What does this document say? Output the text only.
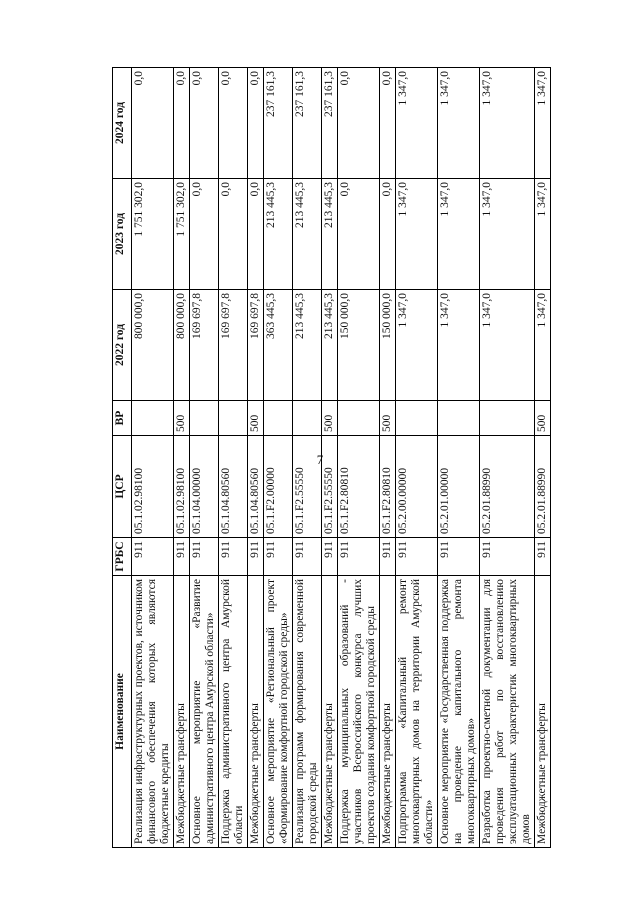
7
Наименование	ГРБС	ЦСР	ВР	2022 год	2023 год	2024 год
Реализация инфраструктурных проектов, источником финансового обеспечения которых являются бюджетные кредиты	911	05.1.02.98100		800 000,0	1 751 302,0	0,0
Межбюджетные трансферты	911	05.1.02.98100	500	800 000,0	1 751 302,0	0,0
Основное мероприятие «Развитие административного центра Амурской области»	911	05.1.04.00000		169 697,8	0,0	0,0
Поддержка административного центра Амурской области	911	05.1.04.80560		169 697,8	0,0	0,0
Межбюджетные трансферты	911	05.1.04.80560	500	169 697,8	0,0	0,0
Основное мероприятие «Региональный проект «Формирование комфортной городской среды»	911	05.1.F2.00000		363 445,3	213 445,3	237 161,3
Реализация программ формирования современной городской среды	911	05.1.F2.55550		213 445,3	213 445,3	237 161,3
Межбюджетные трансферты	911	05.1.F2.55550	500	213 445,3	213 445,3	237 161,3
Поддержка муниципальных образований - участников Всероссийского конкурса лучших проектов создания комфортной городской среды	911	05.1.F2.80810		150 000,0	0,0	0,0
Межбюджетные трансферты	911	05.1.F2.80810	500	150 000,0	0,0	0,0
Подпрограмма «Капитальный ремонт многоквартирных домов на территории Амурской области»	911	05.2.00.00000		1 347,0	1 347,0	1 347,0
Основное мероприятие «Государственная поддержка на проведение капитального ремонта многоквартирных домов»	911	05.2.01.00000		1 347,0	1 347,0	1 347,0
Разработка проектно-сметной документации для проведения работ по восстановлению эксплуатационных характеристик многоквартирных домов	911	05.2.01.88990		1 347,0	1 347,0	1 347,0
Межбюджетные трансферты	911	05.2.01.88990	500	1 347,0	1 347,0	1 347,0
